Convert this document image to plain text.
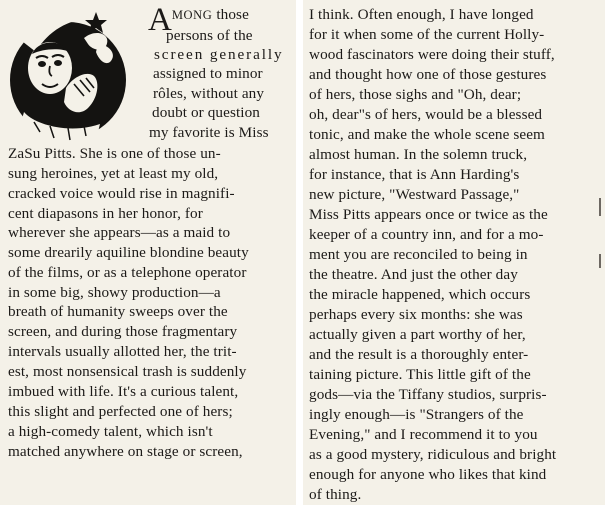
AMONG those
persons of the
screen generally
assigned to minor
rôles, without any
doubt or question
my favorite is Miss
ZaSu Pitts. She is one of those un-
sung heroines, yet at least my old,
cracked voice would rise in magnifi-
cent diapasons in her honor, for
wherever she appears—as a maid to
some drearily aquiline blondine beauty
of the films, or as a telephone operator
in some big, showy production—a
breath of humanity sweeps over the
screen, and during those fragmentary
intervals usually allotted her, the trit-
est, most nonsensical trash is suddenly
imbued with life. It's a curious talent,
this slight and perfected one of hers;
a high-comedy talent, which isn't
matched anywhere on stage or screen,
I think. Often enough, I have longed
for it when some of the current Holly-
wood fascinators were doing their stuff,
and thought how one of those gestures
of hers, those sighs and "Oh, dear;
oh, dear"s of hers, would be a blessed
tonic, and make the whole scene seem
almost human. In the solemn truck,
for instance, that is Ann Harding's
new picture, "Westward Passage,"
Miss Pitts appears once or twice as the
keeper of a country inn, and for a mo-
ment you are reconciled to being in
the theatre. And just the other day
the miracle happened, which occurs
perhaps every six months: she was
actually given a part worthy of her,
and the result is a thoroughly enter-
taining picture. This little gift of the
gods—via the Tiffany studios, surpris-
ingly enough—is "Strangers of the
Evening," and I recommend it to you
as a good mystery, ridiculous and bright
enough for anyone who likes that kind
of thing.
